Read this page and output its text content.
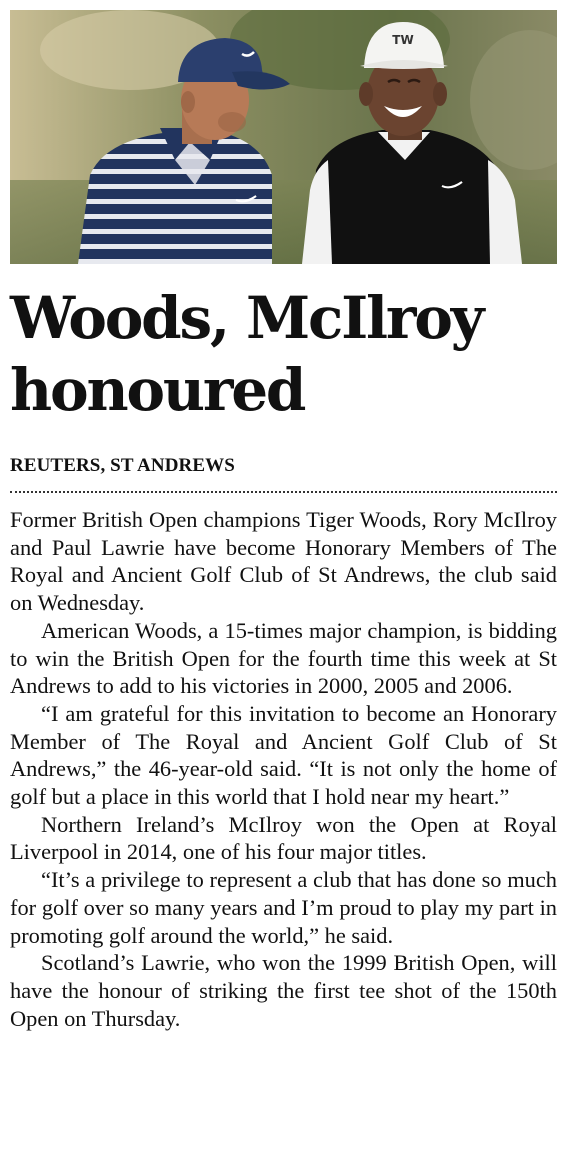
TW
Woods, McIlroy
honoured
REUTERS, ST ANDREWS

Former British Open champions Tiger Woods, Rory McIlroy and Paul Lawrie have become Honorary Members of The Royal and Ancient Golf Club of St Andrews, the club said on Wednesday.

American Woods, a 15-times major champion, is bidding to win the British Open for the fourth time this week at St Andrews to add to his victories in 2000, 2005 and 2006.

“I am grateful for this invitation to become an Honorary Member of The Royal and Ancient Golf Club of St Andrews,” the 46-year-old said. “It is not only the home of golf but a place in this world that I hold near my heart.”

Northern Ireland’s McIlroy won the Open at Royal Liverpool in 2014, one of his four major titles.

“It’s a privilege to represent a club that has done so much for golf over so many years and I’m proud to play my part in promoting golf around the world,” he said.

Scotland’s Lawrie, who won the 1999 British Open, will have the honour of striking the first tee shot of the 150th Open on Thursday.
